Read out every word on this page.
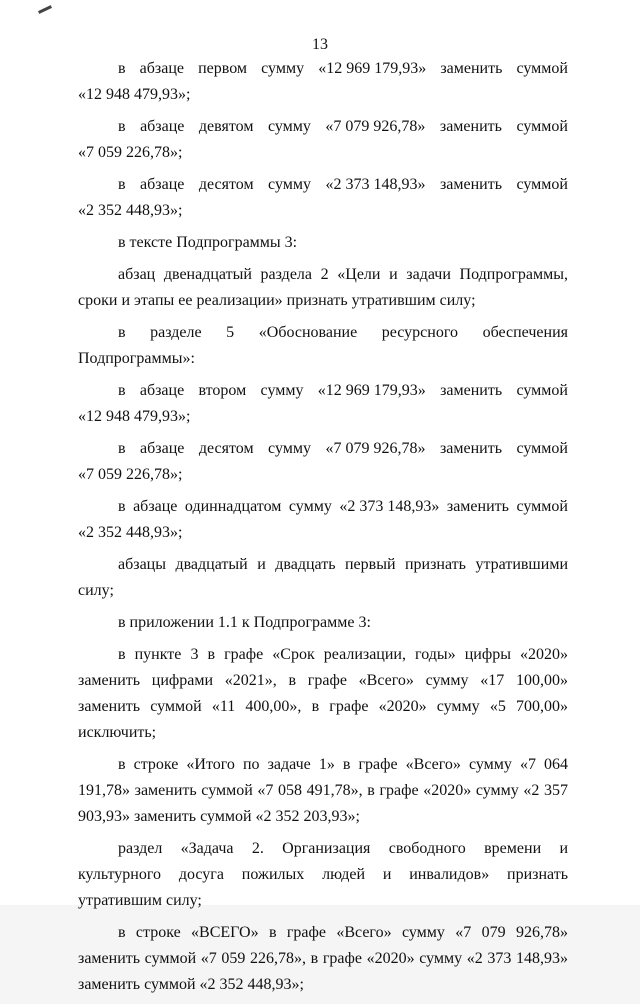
13
в абзаце первом сумму «12 969 179,93» заменить суммой

«12 948 479,93»;

в абзаце девятом сумму «7 079 926,78» заменить суммой

«7 059 226,78»;

в абзаце десятом сумму «2 373 148,93» заменить суммой

«2 352 448,93»;

в тексте Подпрограммы 3:

абзац двенадцатый раздела 2 «Цели и задачи Подпрограммы, сроки и этапы ее реализации» признать утратившим силу;

в разделе 5 «Обоснование ресурсного обеспечения Подпрограммы»:

в абзаце втором сумму «12 969 179,93» заменить суммой

«12 948 479,93»;

в абзаце десятом сумму «7 079 926,78» заменить суммой

«7 059 226,78»;

в абзаце одиннадцатом сумму «2 373 148,93» заменить суммой

«2 352 448,93»;

абзацы двадцатый и двадцать первый признать утратившими силу;

в приложении 1.1 к Подпрограмме 3:

в пункте 3 в графе «Срок реализации, годы» цифры «2020» заменить цифрами «2021», в графе «Всего» сумму «17 100,00» заменить суммой «11 400,00», в графе «2020» сумму «5 700,00» исключить;

в строке «Итого по задаче 1» в графе «Всего» сумму «7 064 191,78» заменить суммой «7 058 491,78», в графе «2020» сумму «2 357 903,93» заменить суммой «2 352 203,93»;

раздел «Задача 2. Организация свободного времени и культурного досуга пожилых людей и инвалидов» признать утратившим силу;

в строке «ВСЕГО» в графе «Всего» сумму «7 079 926,78» заменить суммой «7 059 226,78», в графе «2020» сумму «2 373 148,93» заменить суммой «2 352 448,93»;
